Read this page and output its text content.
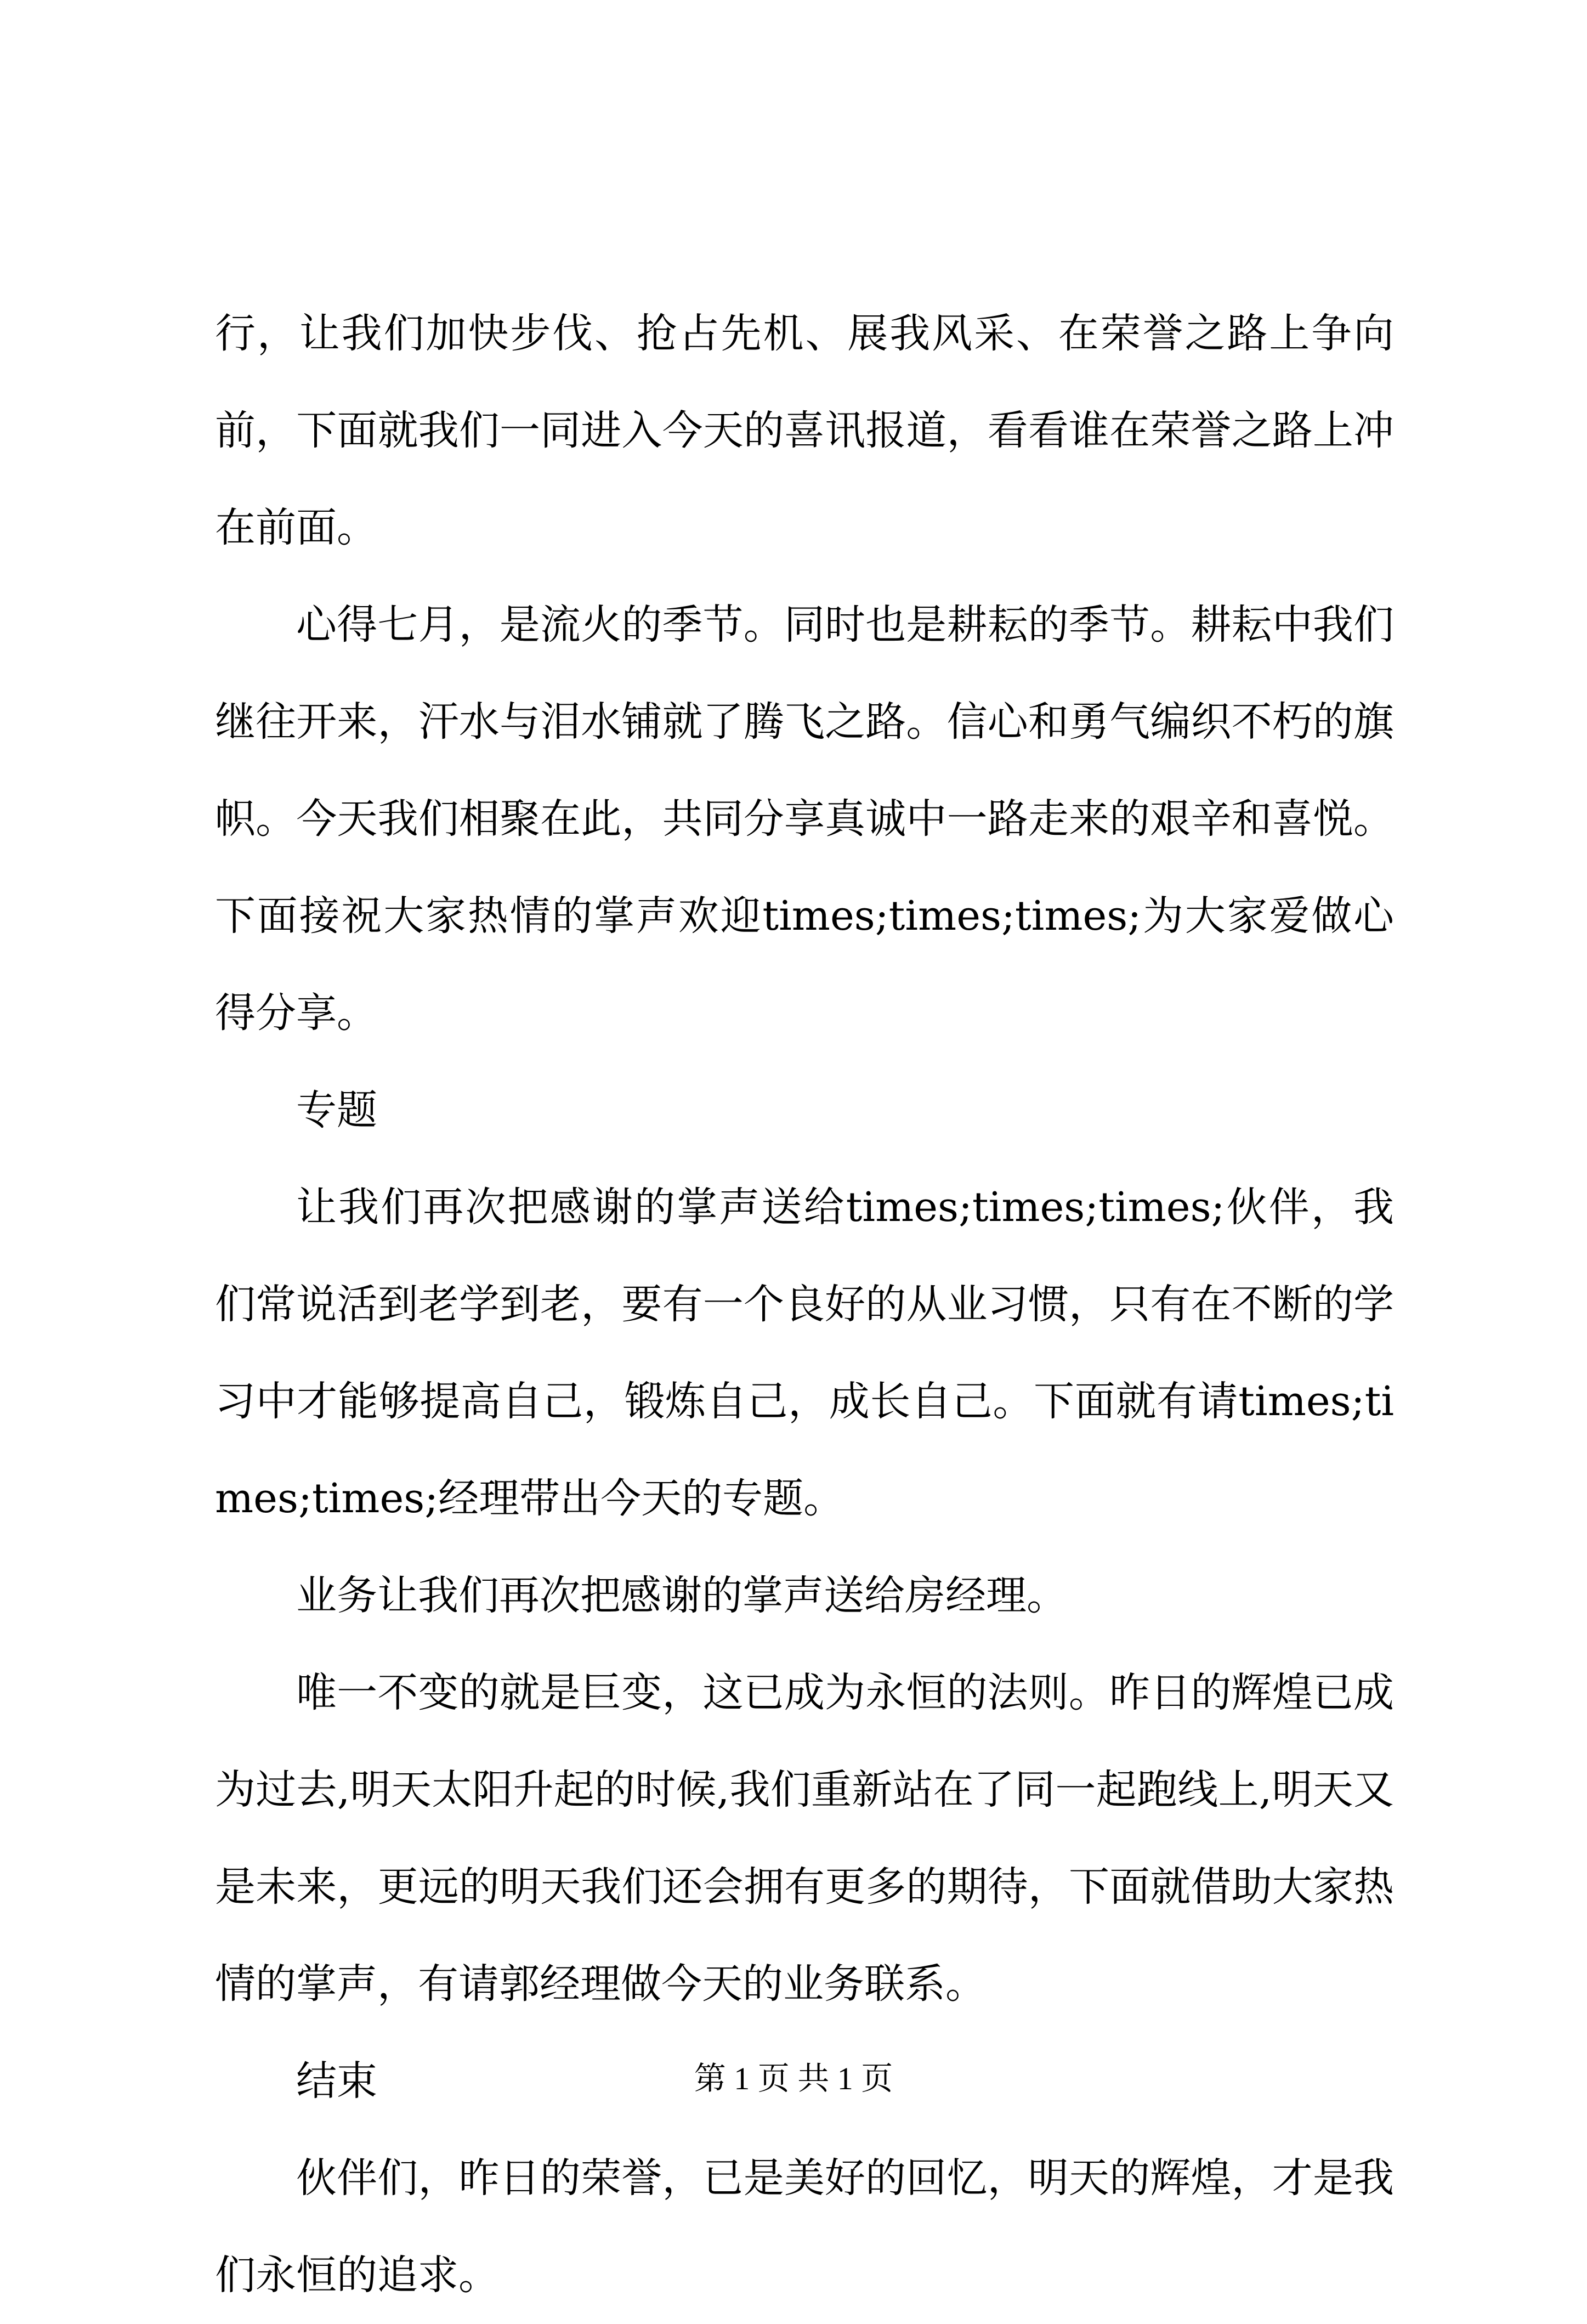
行，让我们加快步伐、抢占先机、展我风采、在荣誉之路上争向前，下面就我们一同进入今天的喜讯报道，看看谁在荣誉之路上冲在前面。

心得七月，是流火的季节。同时也是耕耘的季节。耕耘中我们继往开来，汗水与泪水铺就了腾飞之路。信心和勇气编织不朽的旗帜。今天我们相聚在此，共同分享真诚中一路走来的艰辛和喜悦。下面接祝大家热情的掌声欢迎times;times;times;为大家爱做心得分享。

专题

让我们再次把感谢的掌声送给times;times;times;伙伴，我们常说活到老学到老，要有一个良好的从业习惯，只有在不断的学习中才能够提高自己，锻炼自己，成长自己。下面就有请times;times;times;经理带出今天的专题。

业务让我们再次把感谢的掌声送给房经理。

唯一不变的就是巨变，这已成为永恒的法则。昨日的辉煌已成为过去,明天太阳升起的时候,我们重新站在了同一起跑线上,明天又是未来，更远的明天我们还会拥有更多的期待，下面就借助大家热情的掌声，有请郭经理做今天的业务联系。

结束

伙伴们，昨日的荣誉，已是美好的回忆，明天的辉煌，才是我们永恒的追求。

第 1 页 共 1 页
